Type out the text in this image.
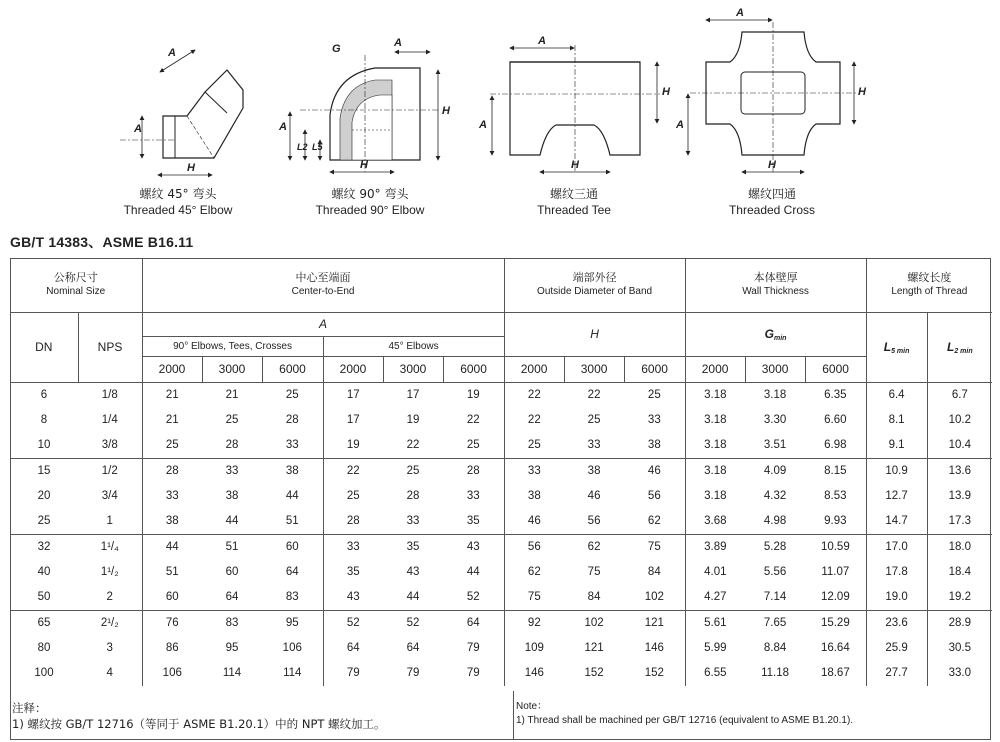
A
A
H
G	A
H
A
L2 L5
H
A
H
A
H
A
H
A
H
螺纹 45° 弯头
Threaded 45° Elbow
螺纹 90° 弯头
Threaded 90° Elbow
螺纹三通
Threaded Tee
螺纹四通
Threaded Cross
GB/T 14383、ASME B16.11
公称尺寸
Nominal Size		中心至端面
Center-to-End						端部外径
Outside Diameter of Band			本体壁厚
Wall Thickness			螺纹长度
Length of Thread	

DN	NPS	A						H			$G_{min}$			$L_{5 min}$	$L_{2 min}$
		90° Elbows, Tees, Crosses			45° Elbows										
		2000	3000	6000	2000	3000	6000	2000	3000	6000	2000	3000	6000		
6	1/8	21	21	25	17	17	19	22	22	25	3.18	3.18	6.35	6.4	6.7
8	1/4	21	25	28	17	19	22	22	25	33	3.18	3.30	6.60	8.1	10.2
10	3/8	25	28	33	19	22	25	25	33	38	3.18	3.51	6.98	9.1	10.4
15	1/2	28	33	38	22	25	28	33	38	46	3.18	4.09	8.15	10.9	13.6
20	3/4	33	38	44	25	28	33	38	46	56	3.18	4.32	8.53	12.7	13.9
25	1	38	44	51	28	33	35	46	56	62	3.68	4.98	9.93	14.7	17.3
32	1¹/₄	44	51	60	33	35	43	56	62	75	3.89	5.28	10.59	17.0	18.0
40	1¹/₂	51	60	64	35	43	44	62	75	84	4.01	5.56	11.07	17.8	18.4
50	2	60	64	83	43	44	52	75	84	102	4.27	7.14	12.09	19.0	19.2
65	2¹/₂	76	83	95	52	52	64	92	102	121	5.61	7.65	15.29	23.6	28.9
80	3	86	95	106	64	64	79	109	121	146	5.99	8.84	16.64	25.9	30.5
100	4	106	114	114	79	79	79	146	152	152	6.55	11.18	18.67	27.7	33.0
注释：
1) 螺纹按 GB/T 12716（等同于 ASME B1.20.1）中的 NPT 螺纹加工。
Note：
1) Thread shall be machined per GB/T 12716 (equivalent to ASME B1.20.1).
